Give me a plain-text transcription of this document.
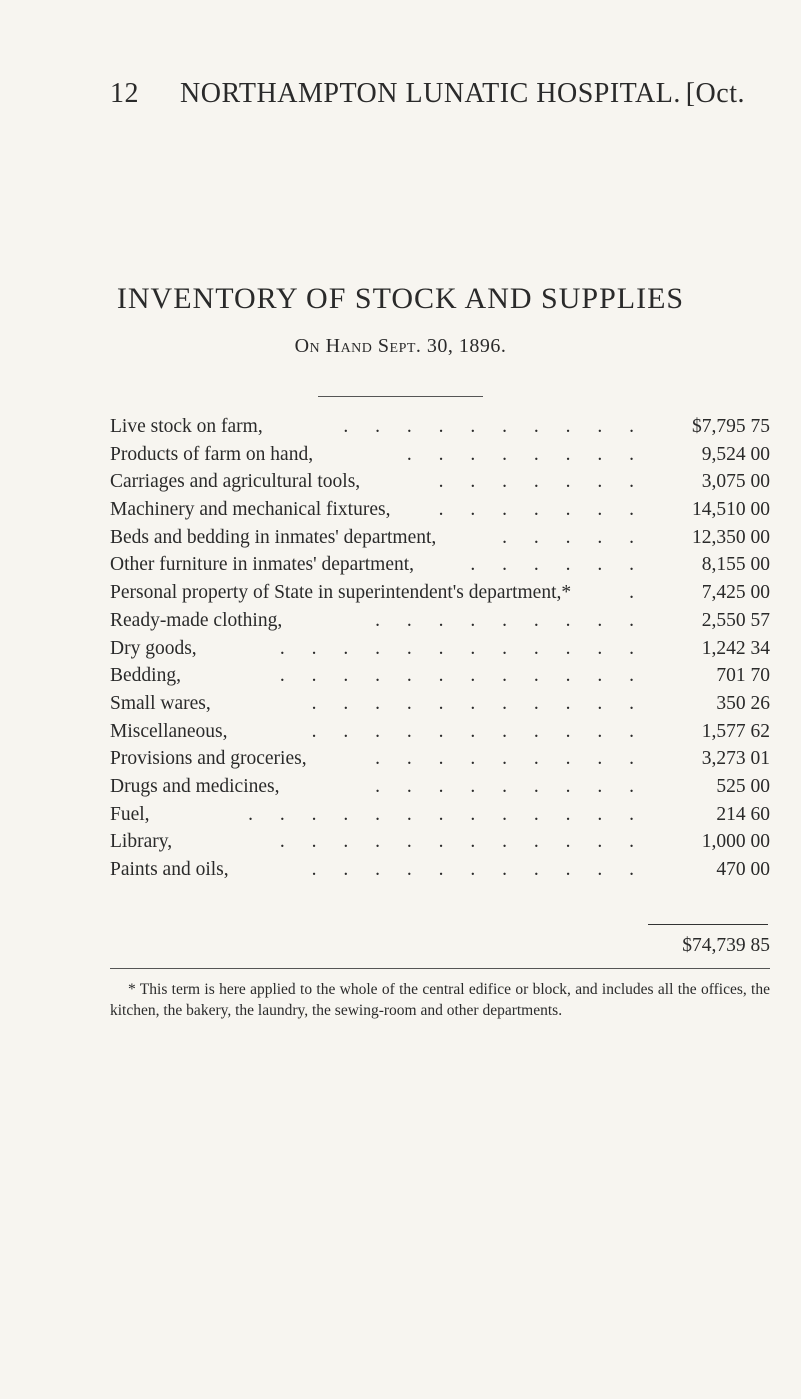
12 NORTHAMPTON LUNATIC HOSPITAL. [Oct.
INVENTORY OF STOCK AND SUPPLIES
On Hand Sept. 30, 1896.
. . . . . . . . . .
Live stock on farm,	$7,795 75
. . . . . . . .
Products of farm on hand,	9,524 00
. . . . . . .
Carriages and agricultural tools,	3,075 00
. . . . . . .
Machinery and mechanical fixtures,	14,510 00
. . . . .
Beds and bedding in inmates' department,	12,350 00
. . . . . .
Other furniture in inmates' department,	8,155 00
.
Personal property of State in superintendent's department,*	7,425 00
. . . . . . . . .
Ready-made clothing,	2,550 57
. . . . . . . . . . . .
Dry goods,	1,242 34
. . . . . . . . . . . .
Bedding,	701 70
. . . . . . . . . . .
Small wares,	350 26
. . . . . . . . . . .
Miscellaneous,	1,577 62
. . . . . . . . .
Provisions and groceries,	3,273 01
. . . . . . . . .
Drugs and medicines,	525 00
. . . . . . . . . . . . .
Fuel,	214 60
. . . . . . . . . . . .
Library,	1,000 00
. . . . . . . . . . .
Paints and oils,	470 00
$74,739 85
* This term is here applied to the whole of the central edifice or block, and includes all the offices, the kitchen, the bakery, the laundry, the sewing-room and other departments.
